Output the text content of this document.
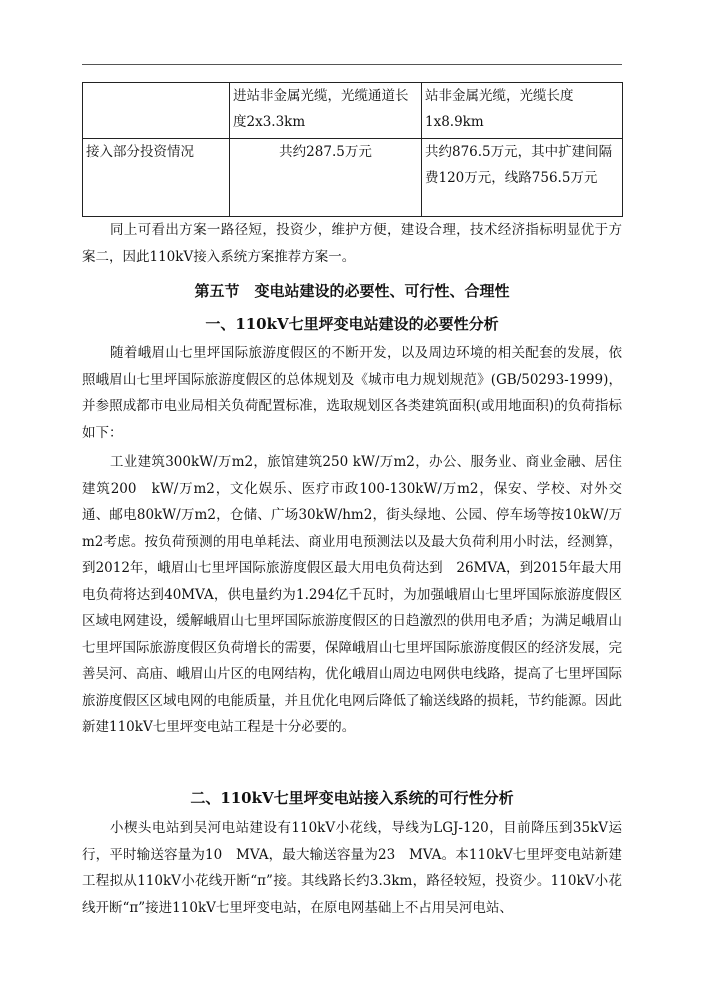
	进站非金属光缆，光缆通道长度2x3.3km	站非金属光缆，光缆长度1x8.9km
接入部分投资情况	共约287.5万元	共约876.5万元，其中扩建间隔费120万元，线路756.5万元

同上可看出方案一路径短，投资少，维护方便，建设合理，技术经济指标明显优于方案二，因此110kV接入系统方案推荐方案一。

第五节　变电站建设的必要性、可行性、合理性
一、110kV七里坪变电站建设的必要性分析

随着峨眉山七里坪国际旅游度假区的不断开发，以及周边环境的相关配套的发展，依照峨眉山七里坪国际旅游度假区的总体规划及《城市电力规划规范》(GB/50293-1999)，并参照成都市电业局相关负荷配置标准，选取规划区各类建筑面积(或用地面积)的负荷指标如下：

工业建筑300kW/万m2，旅馆建筑250 kW/万m2，办公、服务业、商业金融、居住建筑200　kW/万m2，文化娱乐、医疗市政100-130kW/万m2，保安、学校、对外交通、邮电80kW/万m2，仓储、广场30kW/hm2，街头绿地、公园、停车场等按10kW/万m2考虑。按负荷预测的用电单耗法、商业用电预测法以及最大负荷利用小时法，经测算，到2012年，峨眉山七里坪国际旅游度假区最大用电负荷达到　26MVA，到2015年最大用电负荷将达到40MVA，供电量约为1.294亿千瓦时，为加强峨眉山七里坪国际旅游度假区区域电网建设，缓解峨眉山七里坪国际旅游度假区的日趋激烈的供用电矛盾；为满足峨眉山七里坪国际旅游度假区负荷增长的需要，保障峨眉山七里坪国际旅游度假区的经济发展，完善吴河、高庙、峨眉山片区的电网结构，优化峨眉山周边电网供电线路，提高了七里坪国际旅游度假区区域电网的电能质量，并且优化电网后降低了输送线路的损耗，节约能源。因此新建110kV七里坪变电站工程是十分必要的。

二、110kV七里坪变电站接入系统的可行性分析

小楔头电站到吴河电站建设有110kV小花线，导线为LGJ-120，目前降压到35kV运行，平时输送容量为10　MVA，最大输送容量为23　MVA。本110kV七里坪变电站新建工程拟从110kV小花线开断“π”接。其线路长约3.3km，路径较短，投资少。110kV小花线开断“π”接进110kV七里坪变电站，在原电网基础上不占用吴河电站、
